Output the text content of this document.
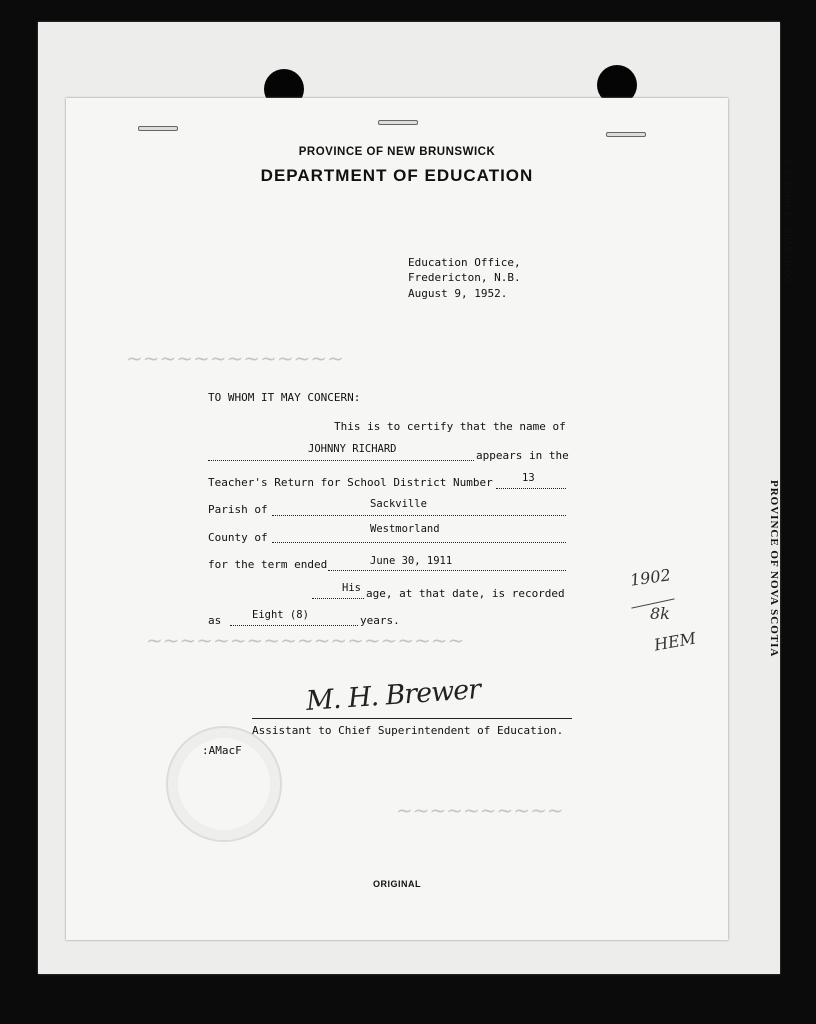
V.S. Form 1—10M-10-50
PROVINCE OF NOVA SCOTIA
~~~~~~~~~~~~~
~~~~~~~~~~~~~~~~~~~
~~~~~~~~~~
PROVINCE OF NEW BRUNSWICK
DEPARTMENT OF EDUCATION
Education Office,
Fredericton, N.B.
August 9, 1952.
TO WHOM IT MAY CONCERN:
This is to certify that the name of
JOHNNY RICHARD	appears in the
Teacher's Return for School District Number	13
Parish of	Sackville
County of
Westmorland
for the term ended	June 30, 1911
His age, at that date, is recorded
as	Eight (8)	years.
M. H. Brewer
Assistant to Chief Superintendent of Education.
:AMacF
ORIGINAL
1902
8k
HEM
